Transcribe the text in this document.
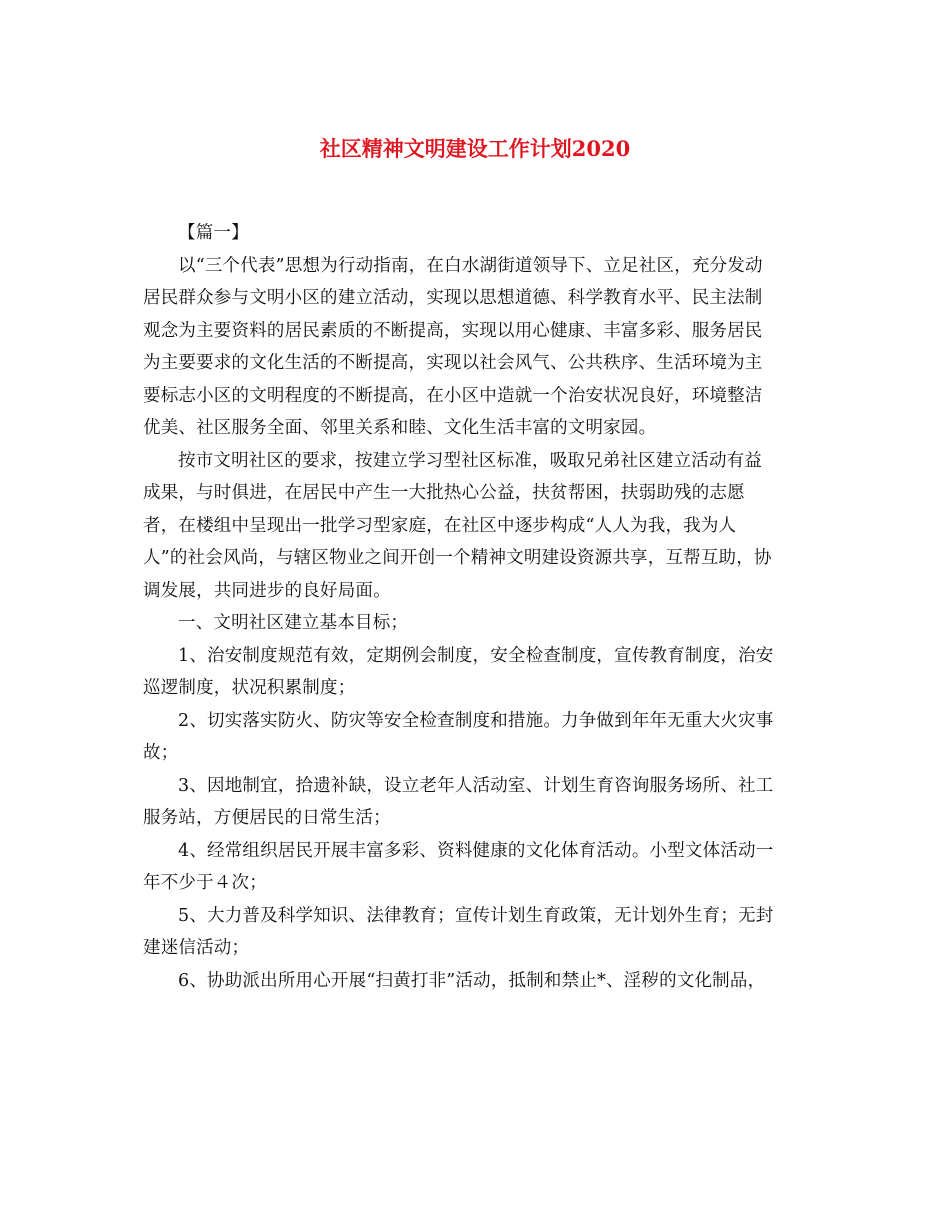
社区精神文明建设工作计划2020

【篇一】

以“三个代表”思想为行动指南，在白水湖街道领导下、立足社区，充分发动
居民群众参与文明小区的建立活动，实现以思想道德、科学教育水平、民主法制
观念为主要资料的居民素质的不断提高，实现以用心健康、丰富多彩、服务居民
为主要要求的文化生活的不断提高，实现以社会风气、公共秩序、生活环境为主
要标志小区的文明程度的不断提高，在小区中造就一个治安状况良好，环境整洁
优美、社区服务全面、邻里关系和睦、文化生活丰富的文明家园。

按市文明社区的要求，按建立学习型社区标准，吸取兄弟社区建立活动有益
成果，与时俱进，在居民中产生一大批热心公益，扶贫帮困，扶弱助残的志愿
者，在楼组中呈现出一批学习型家庭，在社区中逐步构成“人人为我，我为人
人”的社会风尚，与辖区物业之间开创一个精神文明建设资源共享，互帮互助，协
调发展，共同进步的良好局面。

一、文明社区建立基本目标；

1、治安制度规范有效，定期例会制度，安全检查制度，宣传教育制度，治安
巡逻制度，状况积累制度；

2、切实落实防火、防灾等安全检查制度和措施。力争做到年年无重大火灾事
故；

3、因地制宜，拾遗补缺，设立老年人活动室、计划生育咨询服务场所、社工
服务站，方便居民的日常生活；

4、经常组织居民开展丰富多彩、资料健康的文化体育活动。小型文体活动一
年不少于４次；

5、大力普及科学知识、法律教育；宣传计划生育政策，无计划外生育；无封
建迷信活动；

6、协助派出所用心开展“扫黄打非”活动，抵制和禁止*、淫秽的文化制品，
